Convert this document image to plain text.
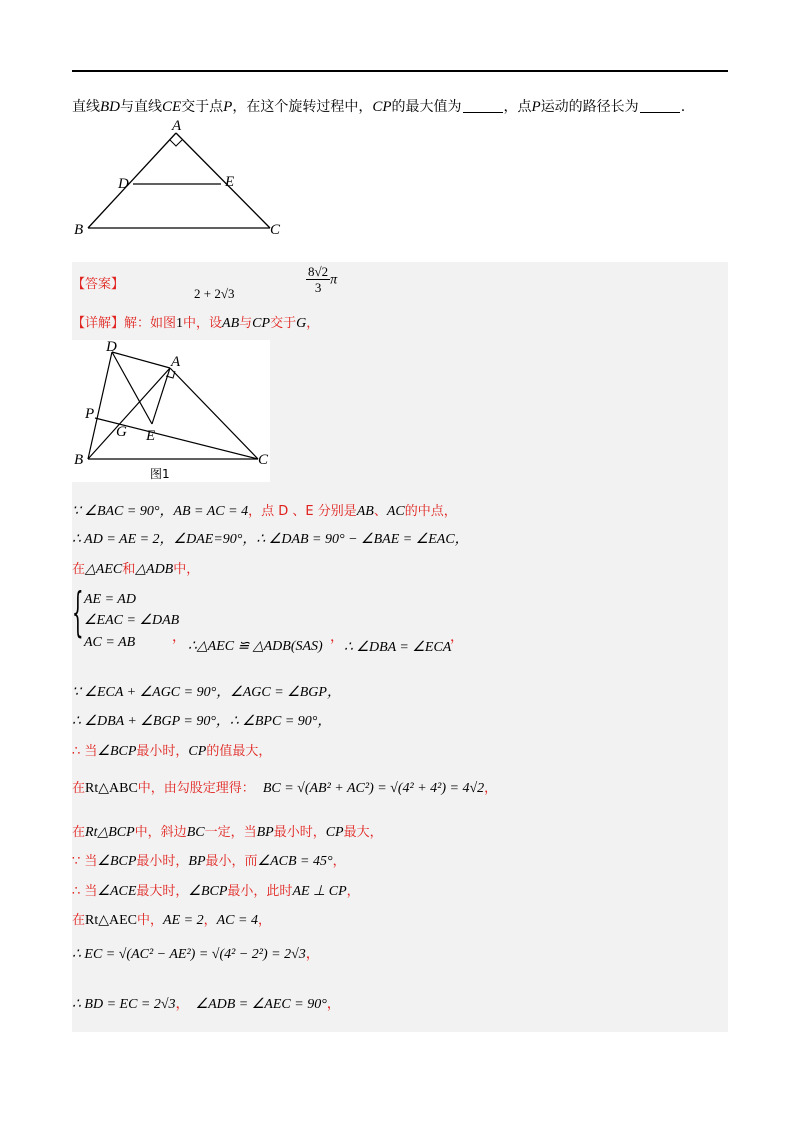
直线BD与直线CE交于点P，在这个旋转过程中，CP的最大值为	，点P运动的路径长为	.
A
D	E
B	C
【答案】
2 + 2√3	$\frac{8√2}{3}$ π
【详解】解：如图1中，设AB与CP交于G，
D
A
P
G E
B	C
图1
∵ ∠BAC = 90°，AB = AC = 4，点 D 、E 分别是AB、AC的中点，
∴ AD = AE = 2，∠DAE=90°，∴ ∠DAB = 90° − ∠BAE = ∠EAC，
在△AEC和△ADB中，
{ AE = AD
∠EAC = ∠DAB
AC = AB	，
∴△AEC ≌ △ADB(SAS)
，
∴ ∠DBA = ∠ECA
，
∵ ∠ECA + ∠AGC = 90°，∠AGC = ∠BGP，
∴ ∠DBA + ∠BGP = 90°，∴ ∠BPC = 90°，
∴ 当∠BCP最小时，CP的值最大，
在Rt△ABC中，由勾股定理得： BC = √(AB² + AC²) = √(4² + 4²) = 4√2，
在Rt△BCP中，斜边BC一定，当BP最小时，CP最大，
∵ 当∠BCP最小时，BP最小，而∠ACB = 45°，
∴ 当∠ACE最大时，∠BCP最小，此时AE ⊥ CP，
在Rt△AEC中，AE = 2，AC = 4，
∴ EC = √(AC² − AE²) = √(4² − 2²) = 2√3，
∴ BD = EC = 2√3， ∠ADB = ∠AEC = 90°，
